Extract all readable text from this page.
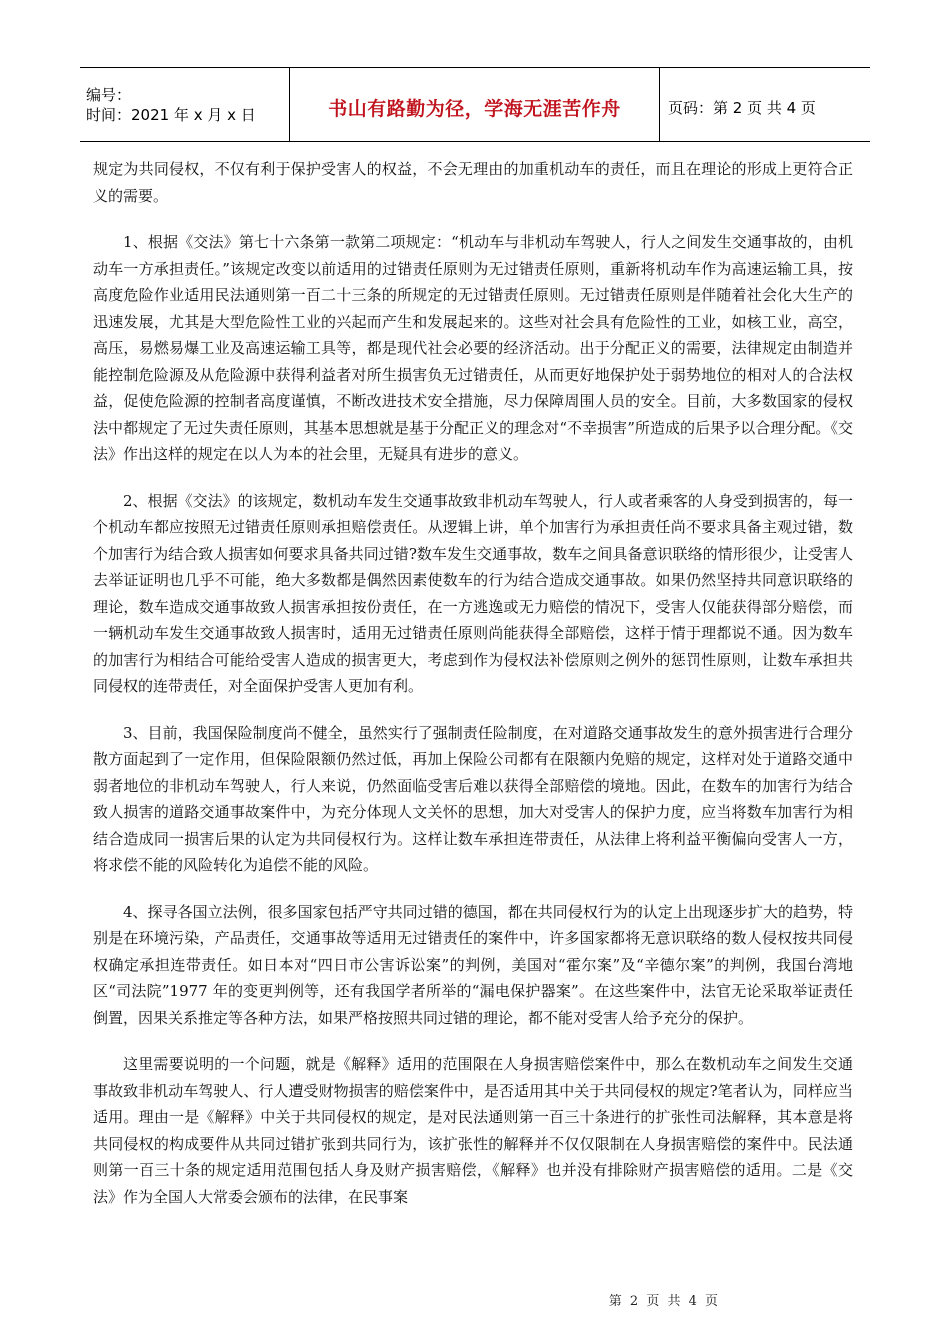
编号：
时间：2021 年 x 月 x 日	书山有路勤为径，学海无涯苦作舟	页码：第 2 页 共 4 页

规定为共同侵权，不仅有利于保护受害人的权益，不会无理由的加重机动车的责任，而且在理论的形成上更符合正义的需要。

1、根据《交法》第七十六条第一款第二项规定：“机动车与非机动车驾驶人，行人之间发生交通事故的，由机动车一方承担责任。”该规定改变以前适用的过错责任原则为无过错责任原则，重新将机动车作为高速运输工具，按高度危险作业适用民法通则第一百二十三条的所规定的无过错责任原则。无过错责任原则是伴随着社会化大生产的迅速发展，尤其是大型危险性工业的兴起而产生和发展起来的。这些对社会具有危险性的工业，如核工业，高空，高压，易燃易爆工业及高速运输工具等，都是现代社会必要的经济活动。出于分配正义的需要，法律规定由制造并能控制危险源及从危险源中获得利益者对所生损害负无过错责任，从而更好地保护处于弱势地位的相对人的合法权益，促使危险源的控制者高度谨慎，不断改进技术安全措施，尽力保障周围人员的安全。目前，大多数国家的侵权法中都规定了无过失责任原则，其基本思想就是基于分配正义的理念对“不幸损害”所造成的后果予以合理分配。《交法》作出这样的规定在以人为本的社会里，无疑具有进步的意义。

2、根据《交法》的该规定，数机动车发生交通事故致非机动车驾驶人，行人或者乘客的人身受到损害的，每一个机动车都应按照无过错责任原则承担赔偿责任。从逻辑上讲，单个加害行为承担责任尚不要求具备主观过错，数个加害行为结合致人损害如何要求具备共同过错?数车发生交通事故，数车之间具备意识联络的情形很少，让受害人去举证证明也几乎不可能，绝大多数都是偶然因素使数车的行为结合造成交通事故。如果仍然坚持共同意识联络的理论，数车造成交通事故致人损害承担按份责任，在一方逃逸或无力赔偿的情况下，受害人仅能获得部分赔偿，而一辆机动车发生交通事故致人损害时，适用无过错责任原则尚能获得全部赔偿，这样于情于理都说不通。因为数车的加害行为相结合可能给受害人造成的损害更大，考虑到作为侵权法补偿原则之例外的惩罚性原则，让数车承担共同侵权的连带责任，对全面保护受害人更加有利。

3、目前，我国保险制度尚不健全，虽然实行了强制责任险制度，在对道路交通事故发生的意外损害进行合理分散方面起到了一定作用，但保险限额仍然过低，再加上保险公司都有在限额内免赔的规定，这样对处于道路交通中弱者地位的非机动车驾驶人，行人来说，仍然面临受害后难以获得全部赔偿的境地。因此，在数车的加害行为结合致人损害的道路交通事故案件中，为充分体现人文关怀的思想，加大对受害人的保护力度，应当将数车加害行为相结合造成同一损害后果的认定为共同侵权行为。这样让数车承担连带责任，从法律上将利益平衡偏向受害人一方，将求偿不能的风险转化为追偿不能的风险。

4、探寻各国立法例，很多国家包括严守共同过错的德国，都在共同侵权行为的认定上出现逐步扩大的趋势，特别是在环境污染，产品责任，交通事故等适用无过错责任的案件中，许多国家都将无意识联络的数人侵权按共同侵权确定承担连带责任。如日本对“四日市公害诉讼案”的判例，美国对“霍尔案”及“辛德尔案”的判例，我国台湾地区“司法院”1977 年的变更判例等，还有我国学者所举的“漏电保护器案”。在这些案件中，法官无论采取举证责任倒置，因果关系推定等各种方法，如果严格按照共同过错的理论，都不能对受害人给予充分的保护。

这里需要说明的一个问题，就是《解释》适用的范围限在人身损害赔偿案件中，那么在数机动车之间发生交通事故致非机动车驾驶人、行人遭受财物损害的赔偿案件中，是否适用其中关于共同侵权的规定?笔者认为，同样应当适用。理由一是《解释》中关于共同侵权的规定，是对民法通则第一百三十条进行的扩张性司法解释，其本意是将共同侵权的构成要件从共同过错扩张到共同行为，该扩张性的解释并不仅仅限制在人身损害赔偿的案件中。民法通则第一百三十条的规定适用范围包括人身及财产损害赔偿，《解释》也并没有排除财产损害赔偿的适用。二是《交法》作为全国人大常委会颁布的法律，在民事案

第 2 页 共 4 页
